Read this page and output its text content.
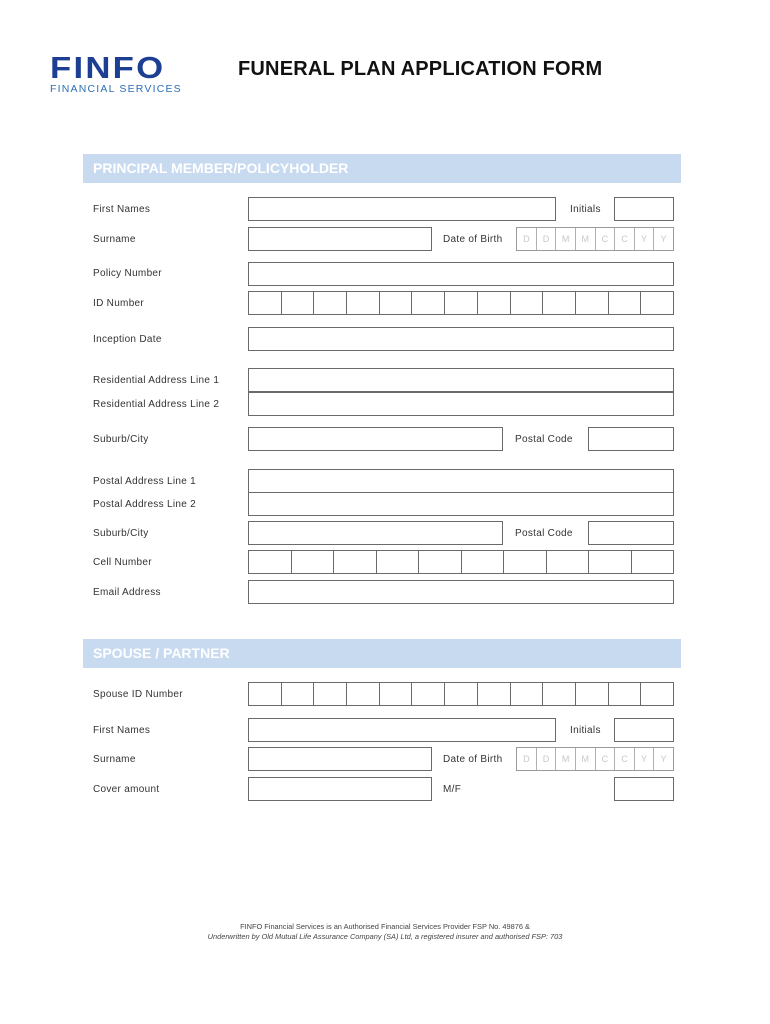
FINFO
FINANCIAL SERVICES
FUNERAL PLAN APPLICATION FORM
PRINCIPAL MEMBER/POLICYHOLDER
First Names	Initials
Surname	Date of Birth	D	D	M	M	C	C	Y	Y
Policy Number
ID Number
Inception Date
Residential Address Line 1
Residential Address Line 2
Suburb/City	Postal Code
Postal Address Line 1
Postal Address Line 2
Suburb/City	Postal Code
Cell Number
Email Address
SPOUSE / PARTNER
Spouse ID Number
First Names	Initials
Surname	Date of Birth	D	D	M	M	C	C	Y	Y
Cover amount	M/F
FINFO Financial Services is an Authorised Financial Services Provider FSP No. 49876 &
Underwritten by Old Mutual Life Assurance Company (SA) Ltd, a registered insurer and authorised FSP: 703
